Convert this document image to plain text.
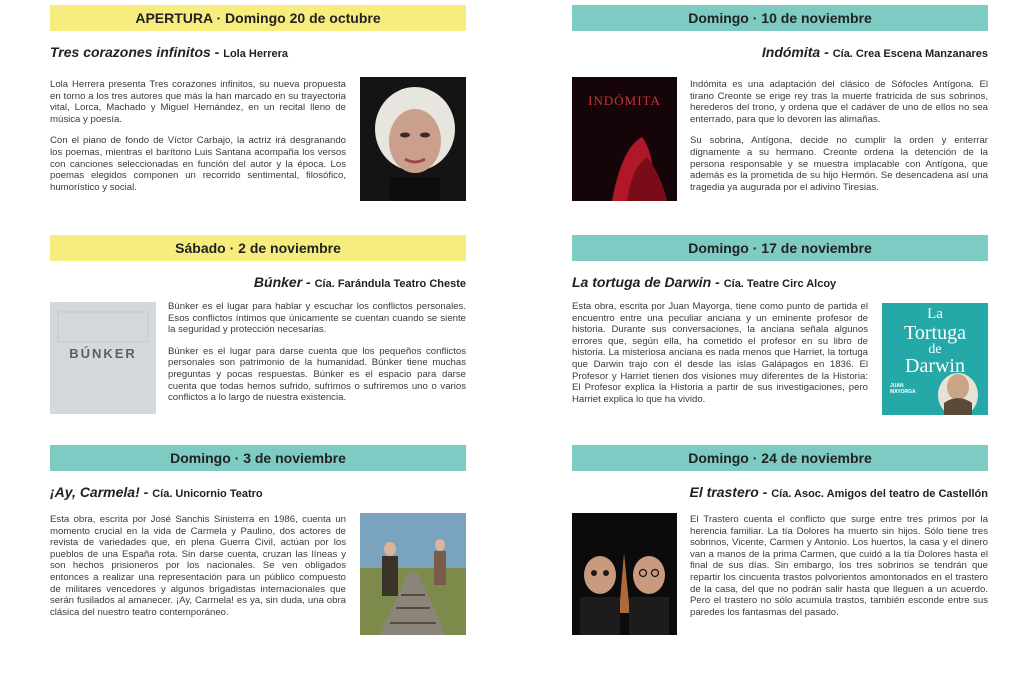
APERTURA · Domingo 20 de octubre
Tres corazones infinitos - Lola Herrera

Lola Herrera presenta Tres corazones infinitos, su nueva propuesta en torno a los tres autores que más la han marcado en su trayectoria vital, Lorca, Machado y Miguel Hernández, en un recital lleno de música y poesía.

Con el piano de fondo de Víctor Carbajo, la actriz irá desgranando los poemas, mientras el barítono Luis Santana acompaña los versos con canciones seleccionadas en función del autor y la época. Los poemas elegidos componen un recorrido sentimental, filosófico, humorístico y social.

Domingo · 10 de noviembre
Indómita - Cía. Crea Escena Manzanares
INDÓMITA

Indómita es una adaptación del clásico de Sófocles Antígona. El tirano Creonte se erige rey tras la muerte fratricida de sus sobrinos, herederos del trono, y ordena que el cadáver de uno de ellos no sea enterrado, para que lo devoren las alimañas.

Su sobrina, Antígona, decide no cumplir la orden y enterrar dignamente a su hermano. Creonte ordena la detención de la persona responsable y se muestra implacable con Antígona, que además es la prometida de su hijo Hermón. Se desencadena así una tragedia ya augurada por el adivino Tiresias.

Sábado · 2 de noviembre
Búnker - Cía. Farándula Teatro Cheste
BÚNKER

Búnker es el lugar para hablar y escuchar los conflictos personales. Esos conflictos íntimos que únicamente se cuentan cuando se siente la seguridad y protección necesarias.

Búnker es el lugar para darse cuenta que los pequeños conflictos personales son patrimonio de la humanidad. Búnker tiene muchas preguntas y pocas respuestas. Búnker es el espacio para darse cuenta que todas hemos sufrido, sufrimos o sufriremos uno o varios conflictos a lo largo de nuestra existencia.

Domingo · 17 de noviembre
La tortuga de Darwin - Cía. Teatre Circ Alcoy

Esta obra, escrita por Juan Mayorga, tiene como punto de partida el encuentro entre una peculiar anciana y un eminente profesor de historia. Durante sus conversaciones, la anciana señala algunos errores que, según ella, ha cometido el profesor en su libro de historia. La misteriosa anciana es nada menos que Harriet, la tortuga que Darwin trajo con él desde las islas Galápagos en 1836. El Profesor y Harriet tienen dos visiones muy diferentes de la Historia: El Profesor explica la Historia a partir de sus investigaciones, pero Harriet explica lo que ha vivido.

La
Tortuga
de
Darwin
JUAN MAYORGA
Domingo · 3 de noviembre
¡Ay, Carmela! - Cía. Unicornio Teatro

Esta obra, escrita por José Sanchis Sinisterra en 1986, cuenta un momento crucial en la vida de Carmela y Paulino, dos actores de revista de variedades que, en plena Guerra Civil, actúan por los pueblos de una España rota. Sin darse cuenta, cruzan las líneas y son hechos prisioneros por los nacionales. Se ven obligados entonces a realizar una representación para un público compuesto de militares vencedores y algunos brigadistas internacionales que serán fusilados al amanecer. ¡Ay, Carmela! es ya, sin duda, una obra clásica del nuestro teatro contemporáneo.

Domingo · 24 de noviembre
El trastero - Cía. Asoc. Amigos del teatro de Castellón

El Trastero cuenta el conflicto que surge entre tres primos por la herencia familiar. La tía Dolores ha muerto sin hijos. Sólo tiene tres sobrinos, Vicente, Carmen y Antonio. Los huertos, la casa y el dinero van a manos de la prima Carmen, que cuidó a la tía Dolores hasta el final de sus días. Sin embargo, los tres sobrinos se tendrán que repartir los cincuenta trastos polvorientos amontonados en el trastero de la casa, del que no podrán salir hasta que lleguen a un acuerdo. Pero el trastero no sólo acumula trastos, también esconde entre sus paredes los fantasmas del pasado.
